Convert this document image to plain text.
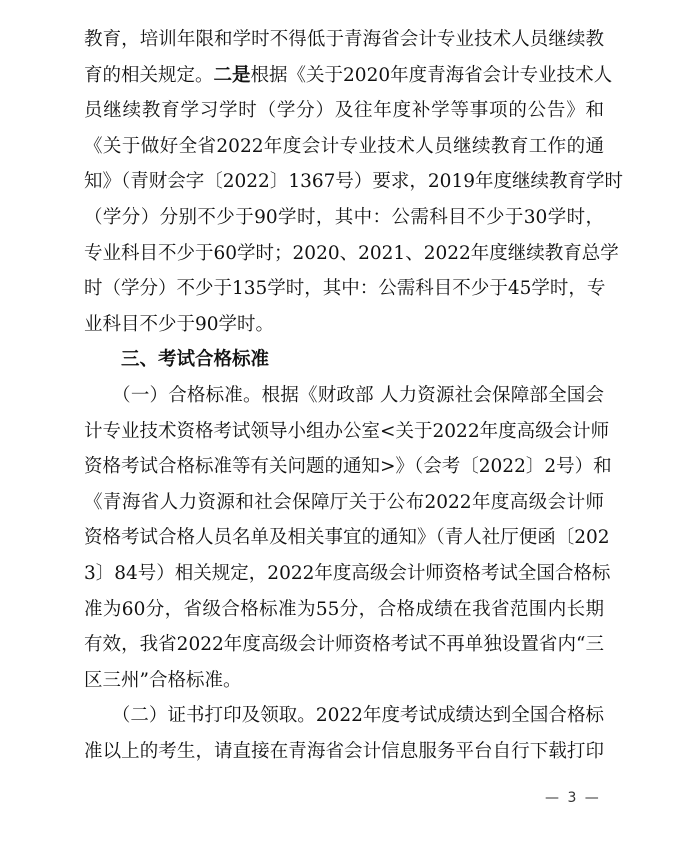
教育，培训年限和学时不得低于青海省会计专业技术人员继续教
育的相关规定。二是根据《关于2020年度青海省会计专业技术人
员继续教育学习学时（学分）及往年度补学等事项的公告》和
《关于做好全省2022年度会计专业技术人员继续教育工作的通
知》（青财会字〔2022〕1367号）要求，2019年度继续教育学时
（学分）分别不少于90学时，其中：公需科目不少于30学时，
专业科目不少于60学时；2020、2021、2022年度继续教育总学
时（学分）不少于135学时，其中：公需科目不少于45学时，专
业科目不少于90学时。
　　三、考试合格标准
　　（一）合格标准。根据《财政部 人力资源社会保障部全国会
计专业技术资格考试领导小组办公室<关于2022年度高级会计师
资格考试合格标准等有关问题的通知>》（会考〔2022〕2号）和
《青海省人力资源和社会保障厅关于公布2022年度高级会计师
资格考试合格人员名单及相关事宜的通知》（青人社厅便函〔202
3〕84号）相关规定，2022年度高级会计师资格考试全国合格标
准为60分，省级合格标准为55分，合格成绩在我省范围内长期
有效，我省2022年度高级会计师资格考试不再单独设置省内“三
区三州”合格标准。
　　（二）证书打印及领取。2022年度考试成绩达到全国合格标
准以上的考生，请直接在青海省会计信息服务平台自行下载打印
— 3 —
